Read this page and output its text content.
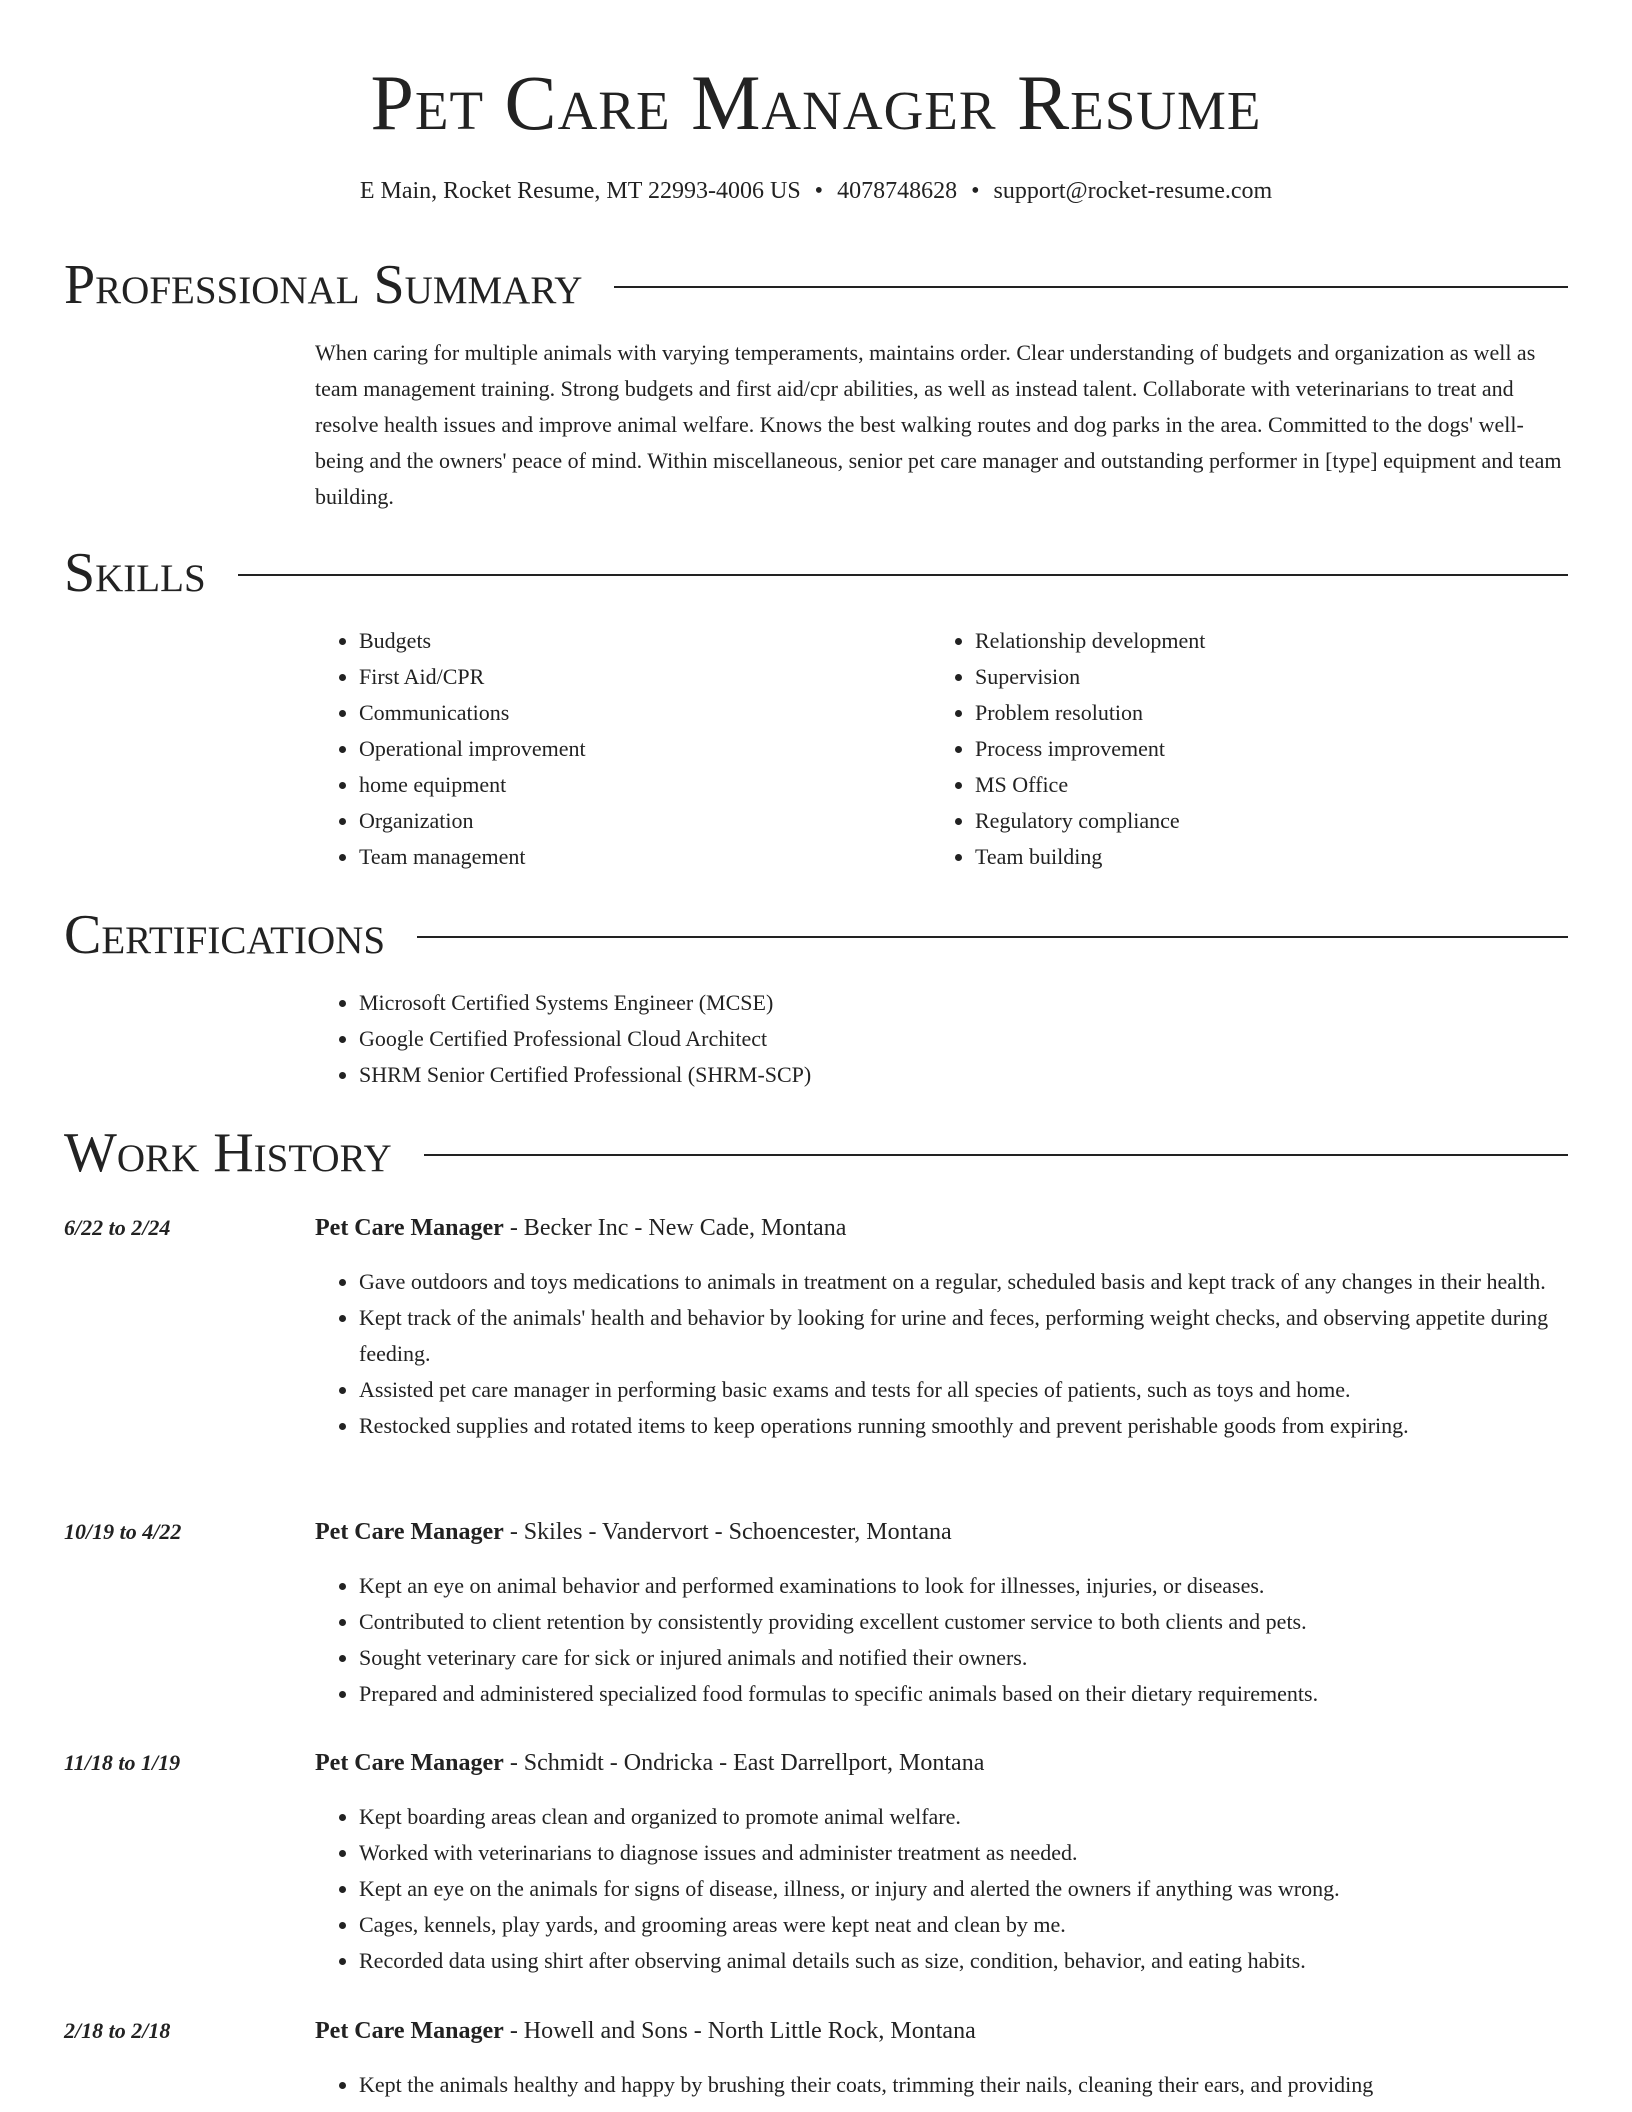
Pet Care Manager Resume
E Main, Rocket Resume, MT 22993-4006 US • 4078748628 • support@rocket-resume.com
Professional Summary
When caring for multiple animals with varying temperaments, maintains order. Clear understanding of budgets and organization as well as team management training. Strong budgets and first aid/cpr abilities, as well as instead talent. Collaborate with veterinarians to treat and resolve health issues and improve animal welfare. Knows the best walking routes and dog parks in the area. Committed to the dogs' well-being and the owners' peace of mind. Within miscellaneous, senior pet care manager and outstanding performer in [type] equipment and team building.
Skills
• Budgets
• First Aid/CPR
• Communications
• Operational improvement
• home equipment
• Organization
• Team management
• Relationship development
• Supervision
• Problem resolution
• Process improvement
• MS Office
• Regulatory compliance
• Team building
Certifications
• Microsoft Certified Systems Engineer (MCSE)
• Google Certified Professional Cloud Architect
• SHRM Senior Certified Professional (SHRM-SCP)
Work History
6/22 to 2/24	Pet Care Manager - Becker Inc - New Cade, Montana
• Gave outdoors and toys medications to animals in treatment on a regular, scheduled basis and kept track of any changes in their health.
• Kept track of the animals' health and behavior by looking for urine and feces, performing weight checks, and observing appetite during feeding.
• Assisted pet care manager in performing basic exams and tests for all species of patients, such as toys and home.
• Restocked supplies and rotated items to keep operations running smoothly and prevent perishable goods from expiring.
10/19 to 4/22	Pet Care Manager - Skiles - Vandervort - Schoencester, Montana
• Kept an eye on animal behavior and performed examinations to look for illnesses, injuries, or diseases.
• Contributed to client retention by consistently providing excellent customer service to both clients and pets.
• Sought veterinary care for sick or injured animals and notified their owners.
• Prepared and administered specialized food formulas to specific animals based on their dietary requirements.
11/18 to 1/19	Pet Care Manager - Schmidt - Ondricka - East Darrellport, Montana
• Kept boarding areas clean and organized to promote animal welfare.
• Worked with veterinarians to diagnose issues and administer treatment as needed.
• Kept an eye on the animals for signs of disease, illness, or injury and alerted the owners if anything was wrong.
• Cages, kennels, play yards, and grooming areas were kept neat and clean by me.
• Recorded data using shirt after observing animal details such as size, condition, behavior, and eating habits.
2/18 to 2/18	Pet Care Manager - Howell and Sons - North Little Rock, Montana
• Kept the animals healthy and happy by brushing their coats, trimming their nails, cleaning their ears, and providing
